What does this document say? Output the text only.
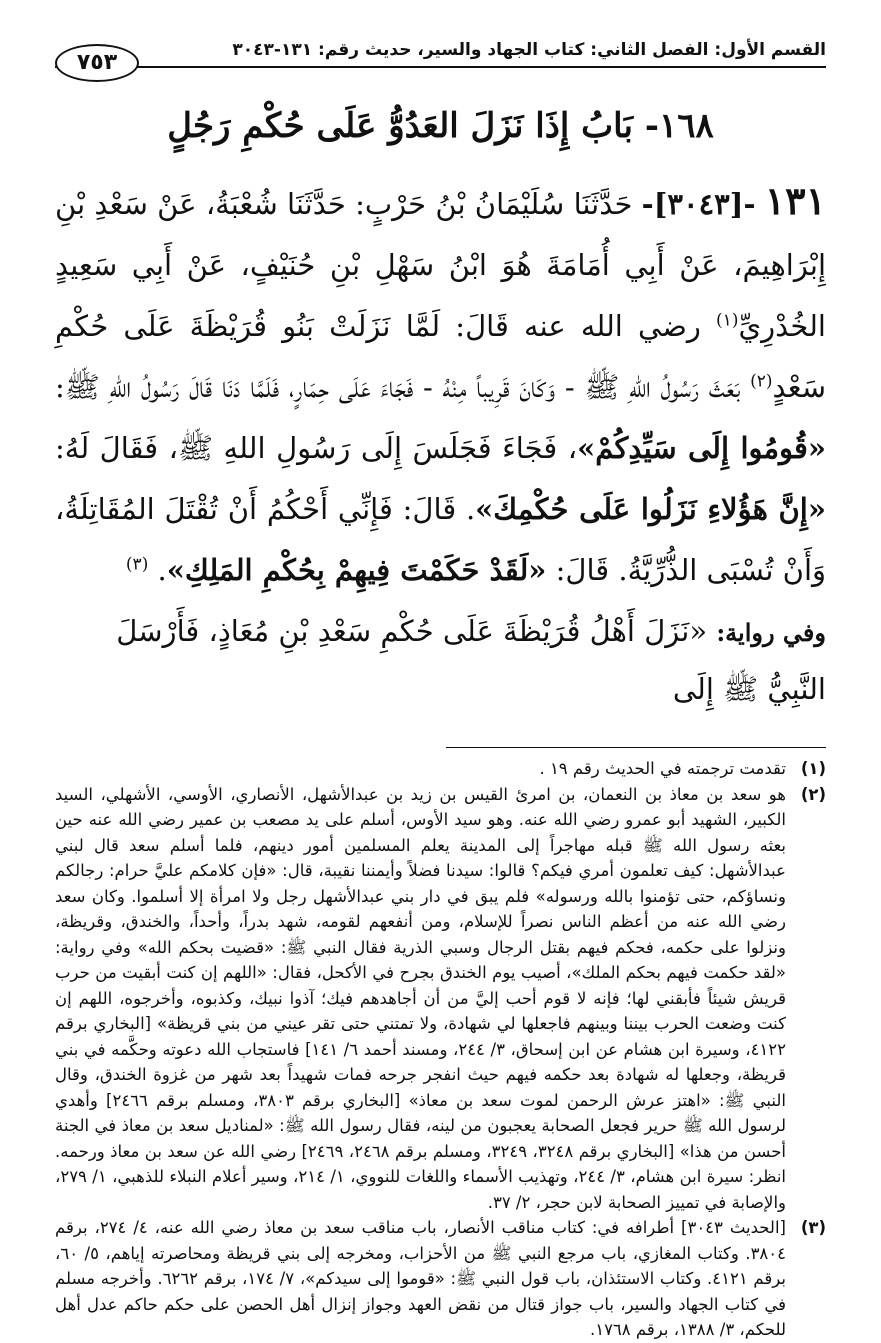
القسم الأول: الفصل الثاني: كتاب الجهاد والسير، حديث رقم: ١٣١-٣٠٤٣
٧٥٣
١٦٨- بَابُ إِذَا نَزَلَ العَدُوُّ عَلَى حُكْمِ رَجُلٍ
١٣١ -[٣٠٤٣]- حَدَّثَنَا سُلَيْمَانُ بْنُ حَرْبٍ: حَدَّثَنَا شُعْبَةُ، عَنْ سَعْدِ بْنِ إِبْرَاهِيمَ، عَنْ أَبِي أُمَامَةَ هُوَ ابْنُ سَهْلِ بْنِ حُنَيْفٍ، عَنْ أَبِي سَعِيدٍ الخُدْرِيِّ$^{(١)}$ رضي الله عنه قَالَ: لَمَّا نَزَلَتْ بَنُو قُرَيْظَةَ عَلَى حُكْمِ سَعْدٍ$^{(٢)}$ بَعَثَ رَسُولُ اللهِ ﷺ - وَكَانَ قَرِيباً مِنْهُ - فَجَاءَ عَلَى حِمَارٍ، فَلَمَّا دَنَا قَالَ رَسُولُ اللهِ ﷺ: «قُومُوا إِلَى سَيِّدِكُمْ»، فَجَاءَ فَجَلَسَ إِلَى رَسُولِ اللهِ ﷺ، فَقَالَ لَهُ: «إِنَّ هَؤُلاءِ نَزَلُوا عَلَى حُكْمِكَ». قَالَ: فَإِنِّي أَحْكُمُ أَنْ تُقْتَلَ المُقَاتِلَةُ، وَأَنْ تُسْبَى الذُّرِّيَّةُ. قَالَ: «لَقَدْ حَكَمْتَ فِيهِمْ بِحُكْمِ المَلِكِ». $^{(٣)}$
وفي رواية: «نَزَلَ أَهْلُ قُرَيْظَةَ عَلَى حُكْمِ سَعْدِ بْنِ مُعَاذٍ، فَأَرْسَلَ النَّبِيُّ ﷺ إِلَى
(١)
تقدمت ترجمته في الحديث رقم ١٩ .
(٢)
هو سعد بن معاذ بن النعمان، بن امرئ القيس بن زيد بن عبدالأشهل، الأنصاري، الأوسي، الأشهلي، السيد الكبير، الشهيد أبو عمرو رضي الله عنه. وهو سيد الأوس، أسلم على يد مصعب بن عمير رضي الله عنه حين بعثه رسول الله ﷺ قبله مهاجراً إلى المدينة يعلم المسلمين أمور دينهم، فلما أسلم سعد قال لبني عبدالأشهل: كيف تعلمون أمري فيكم؟ قالوا: سيدنا فضلاً وأيمننا نقيبة، قال: «فإن كلامكم عليَّ حرام: رجالكم ونساؤكم، حتى تؤمنوا بالله ورسوله» فلم يبق في دار بني عبدالأشهل رجل ولا امرأة إلا أسلموا. وكان سعد رضي الله عنه من أعظم الناس نصراً للإسلام، ومن أنفعهم لقومه، شهد بدراً، وأحداً، والخندق، وقريظة، ونزلوا على حكمه، فحكم فيهم بقتل الرجال وسبي الذرية فقال النبي ﷺ: «قضيت بحكم الله» وفي رواية: «لقد حكمت فيهم بحكم الملك»، أصيب يوم الخندق بجرح في الأكحل، فقال: «اللهم إن كنت أبقيت من حرب قريش شيئاً فأبقني لها؛ فإنه لا قوم أحب إليَّ من أن أجاهدهم فيك؛ آذوا نبيك، وكذبوه، وأخرجوه، اللهم إن كنت وضعت الحرب بيننا وبينهم فاجعلها لي شهادة، ولا تمتني حتى تقر عيني من بني قريظة» [البخاري برقم ٤١٢٢، وسيرة ابن هشام عن ابن إسحاق، ٣/ ٢٤٤، ومسند أحمد ٦/ ١٤١] فاستجاب الله دعوته وحكَّمه في بني قريظة، وجعلها له شهادة بعد حكمه فيهم حيث انفجر جرحه فمات شهيداً بعد شهر من غزوة الخندق، وقال النبي ﷺ: «اهتز عرش الرحمن لموت سعد بن معاذ» [البخاري برقم ٣٨٠٣، ومسلم برقم ٢٤٦٦] وأهدي لرسول الله ﷺ حرير فجعل الصحابة يعجبون من لينه، فقال رسول الله ﷺ: «لمناديل سعد بن معاذ في الجنة أحسن من هذا» [البخاري برقم ٣٢٤٨، ٣٢٤٩، ومسلم برقم ٢٤٦٨، ٢٤٦٩] رضي الله عن سعد بن معاذ ورحمه. انظر: سيرة ابن هشام، ٣/ ٢٤٤، وتهذيب الأسماء واللغات للنووي، ١/ ٢١٤، وسير أعلام النبلاء للذهبي، ١/ ٢٧٩، والإصابة في تمييز الصحابة لابن حجر، ٢/ ٣٧.
(٣)
[الحديث ٣٠٤٣] أطرافه في: كتاب مناقب الأنصار، باب مناقب سعد بن معاذ رضي الله عنه، ٤/ ٢٧٤، برقم ٣٨٠٤. وكتاب المغازي، باب مرجع النبي ﷺ من الأحزاب، ومخرجه إلى بني قريظة ومحاصرته إياهم، ٥/ ٦٠، برقم ٤١٢١. وكتاب الاستئذان، باب قول النبي ﷺ: «قوموا إلى سيدكم»، ٧/ ١٧٤، برقم ٦٢٦٢. وأخرجه مسلم في كتاب الجهاد والسير، باب جواز قتال من نقض العهد وجواز إنزال أهل الحصن على حكم حاكم عدل أهل للحكم، ٣/ ١٣٨٨، برقم ١٧٦٨.
